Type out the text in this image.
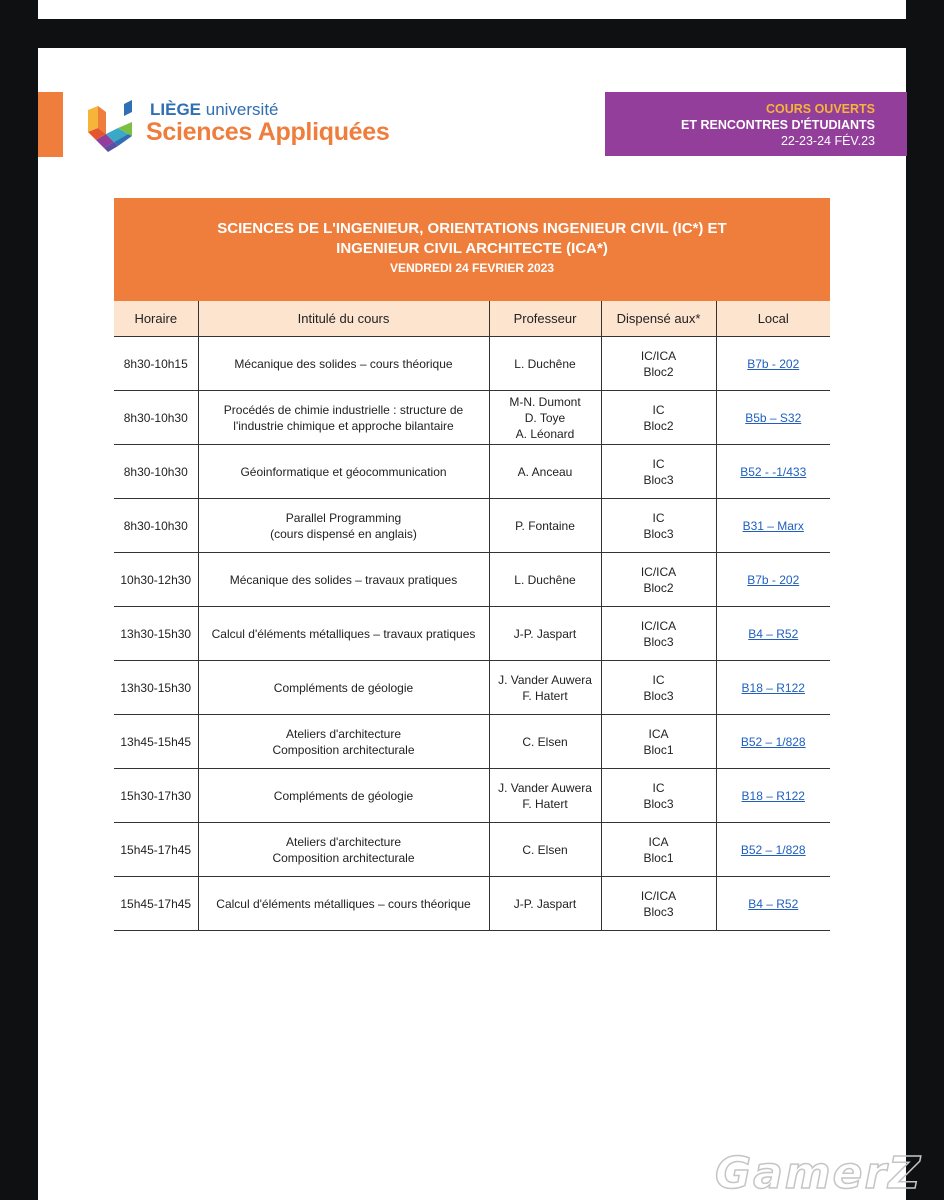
LIÈGE université
Sciences Appliquées
COURS OUVERTS
ET RENCONTRES D'ÉTUDIANTS
22-23-24 FÉV.23
SCIENCES DE L'INGENIEUR, ORIENTATIONS INGENIEUR CIVIL (IC*) ET
INGENIEUR CIVIL ARCHITECTE (ICA*)
VENDREDI 24 FEVRIER 2023
Horaire	Intitulé du cours	Professeur	Dispensé aux*	Local
8h30-10h15	Mécanique des solides – cours théorique	L. Duchêne	IC/ICA
Bloc2	B7b - 202
8h30-10h30	Procédés de chimie industrielle : structure de
l'industrie chimique et approche bilantaire	M-N. Dumont
D. Toye
A. Léonard	IC
Bloc2	B5b – S32
8h30-10h30	Géoinformatique et géocommunication	A. Anceau	IC
Bloc3	B52 - -1/433
8h30-10h30	Parallel Programming
(cours dispensé en anglais)	P. Fontaine	IC
Bloc3	B31 – Marx
10h30-12h30	Mécanique des solides – travaux pratiques	L. Duchêne	IC/ICA
Bloc2	B7b - 202
13h30-15h30	Calcul d'éléments métalliques – travaux pratiques	J-P. Jaspart	IC/ICA
Bloc3	B4 – R52
13h30-15h30	Compléments de géologie	J. Vander Auwera
F. Hatert	IC
Bloc3	B18 – R122
13h45-15h45	Ateliers d'architecture
Composition architecturale	C. Elsen	ICA
Bloc1	B52 – 1/828
15h30-17h30	Compléments de géologie	J. Vander Auwera
F. Hatert	IC
Bloc3	B18 – R122
15h45-17h45	Ateliers d'architecture
Composition architecturale	C. Elsen	ICA
Bloc1	B52 – 1/828
15h45-17h45	Calcul d'éléments métalliques – cours théorique	J-P. Jaspart	IC/ICA
Bloc3	B4 – R52
GamerZ
